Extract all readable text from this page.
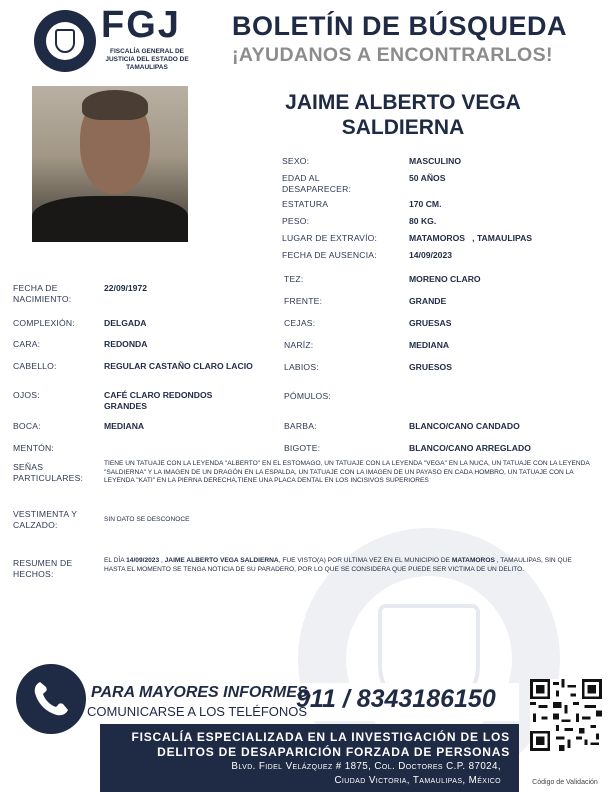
FGJ
FISCALÍA GENERAL DE JUSTICIA DEL ESTADO DE TAMAULIPAS
BOLETÍN DE BÚSQUEDA
¡AYUDANOS A ENCONTRARLOS!
JAIME ALBERTO VEGA SALDIERNA
SEXO:	MASCULINO
EDAD AL DESAPARECER:
50 AÑOS
ESTATURA	170 CM.
PESO:	80 KG.
LUGAR DE EXTRAVÍO:	MATAMOROS   , TAMAULIPAS
FECHA DE AUSENCIA:	14/09/2023
FECHA DE NACIMIENTO:
22/09/1972
COMPLEXIÓN:	DELGADA
CARA:	REDONDA
CABELLO:	REGULAR CASTAÑO CLARO LACIO
OJOS:	CAFÉ CLARO REDONDOS GRANDES
BOCA:	MEDIANA
MENTÓN:
TEZ:	MORENO CLARO
FRENTE:	GRANDE
CEJAS:	GRUESAS
NARÍZ:	MEDIANA
LABIOS:	GRUESOS
PÓMULOS:
BARBA:	BLANCO/CANO CANDADO
BIGOTE:	BLANCO/CANO ARREGLADO
SEÑAS PARTICULARES:
TIENE UN TATUAJE CON LA LEYENDA "ALBERTO" EN EL ESTOMAGO, UN TATUAJE CON LA LEYENDA "VEGA" EN LA NUCA, UN TATUAJE CON LA LEYENDA "SALDIERNA" Y LA IMAGEN DE UN DRAGÓN EN LA ESPALDA, UN TATUAJE CON LA IMAGEN DE UN PAYASO EN CADA HOMBRO, UN TATUAJE CON LA LEYENDA "KATI" EN LA PIERNA DERECHA,TIENE UNA PLACA DENTAL EN LOS INCISIVOS SUPERIORES
VESTIMENTA Y CALZADO:	SIN DATO SE DESCONOCE
RESUMEN DE HECHOS:
EL DÍA 14/09/2023 , JAIME ALBERTO VEGA SALDIERNA, FUE VISTO(A) POR ULTIMA VEZ EN EL MUNICIPIO DE MATAMOROS , TAMAULIPAS, SIN QUE HASTA EL MOMENTO SE TENGA NOTICIA DE SU PARADERO, POR LO QUE SE CONSIDERA QUE PUEDE SER VICTIMA DE UN DELITO.
PARA MAYORES INFORMES,
COMUNICARSE A LOS TELÉFONOS
911 / 8343186150
FISCALÍA ESPECIALIZADA EN LA INVESTIGACIÓN DE LOS
DELITOS DE DESAPARICIÓN FORZADA DE PERSONAS
Blvd. Fidel Velázquez # 1875, Col. Doctores C.P. 87024,
Ciudad Victoria, Tamaulipas, México	Código de Validación
